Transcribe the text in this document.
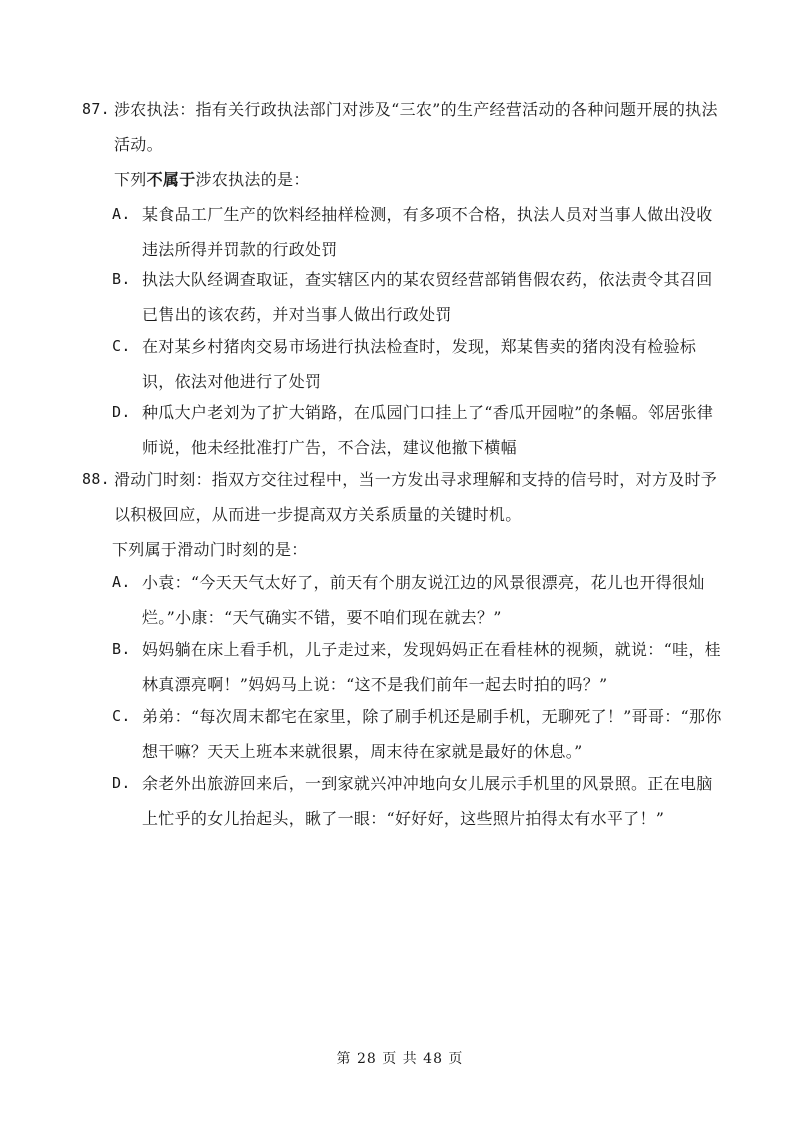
87. 涉农执法：指有关行政执法部门对涉及“三农”的生产经营活动的各种问题开展的执法活动。
下列不属于涉农执法的是：
A. 某食品工厂生产的饮料经抽样检测，有多项不合格，执法人员对当事人做出没收违法所得并罚款的行政处罚
B. 执法大队经调查取证，查实辖区内的某农贸经营部销售假农药，依法责令其召回已售出的该农药，并对当事人做出行政处罚
C. 在对某乡村猪肉交易市场进行执法检查时，发现，郑某售卖的猪肉没有检验标识，依法对他进行了处罚
D. 种瓜大户老刘为了扩大销路，在瓜园门口挂上了“香瓜开园啦”的条幅。邻居张律师说，他未经批准打广告，不合法，建议他撤下横幅
88. 滑动门时刻：指双方交往过程中，当一方发出寻求理解和支持的信号时，对方及时予以积极回应，从而进一步提高双方关系质量的关键时机。
下列属于滑动门时刻的是：
A. 小袁：“今天天气太好了，前天有个朋友说江边的风景很漂亮，花儿也开得很灿烂。”小康：“天气确实不错，要不咱们现在就去？”
B. 妈妈躺在床上看手机，儿子走过来，发现妈妈正在看桂林的视频，就说：“哇，桂林真漂亮啊！”妈妈马上说：“这不是我们前年一起去时拍的吗？”
C. 弟弟：“每次周末都宅在家里，除了刷手机还是刷手机，无聊死了！”哥哥：“那你想干嘛？天天上班本来就很累，周末待在家就是最好的休息。”
D. 余老外出旅游回来后，一到家就兴冲冲地向女儿展示手机里的风景照。正在电脑上忙乎的女儿抬起头，瞅了一眼：“好好好，这些照片拍得太有水平了！”
第 28 页 共 48 页
